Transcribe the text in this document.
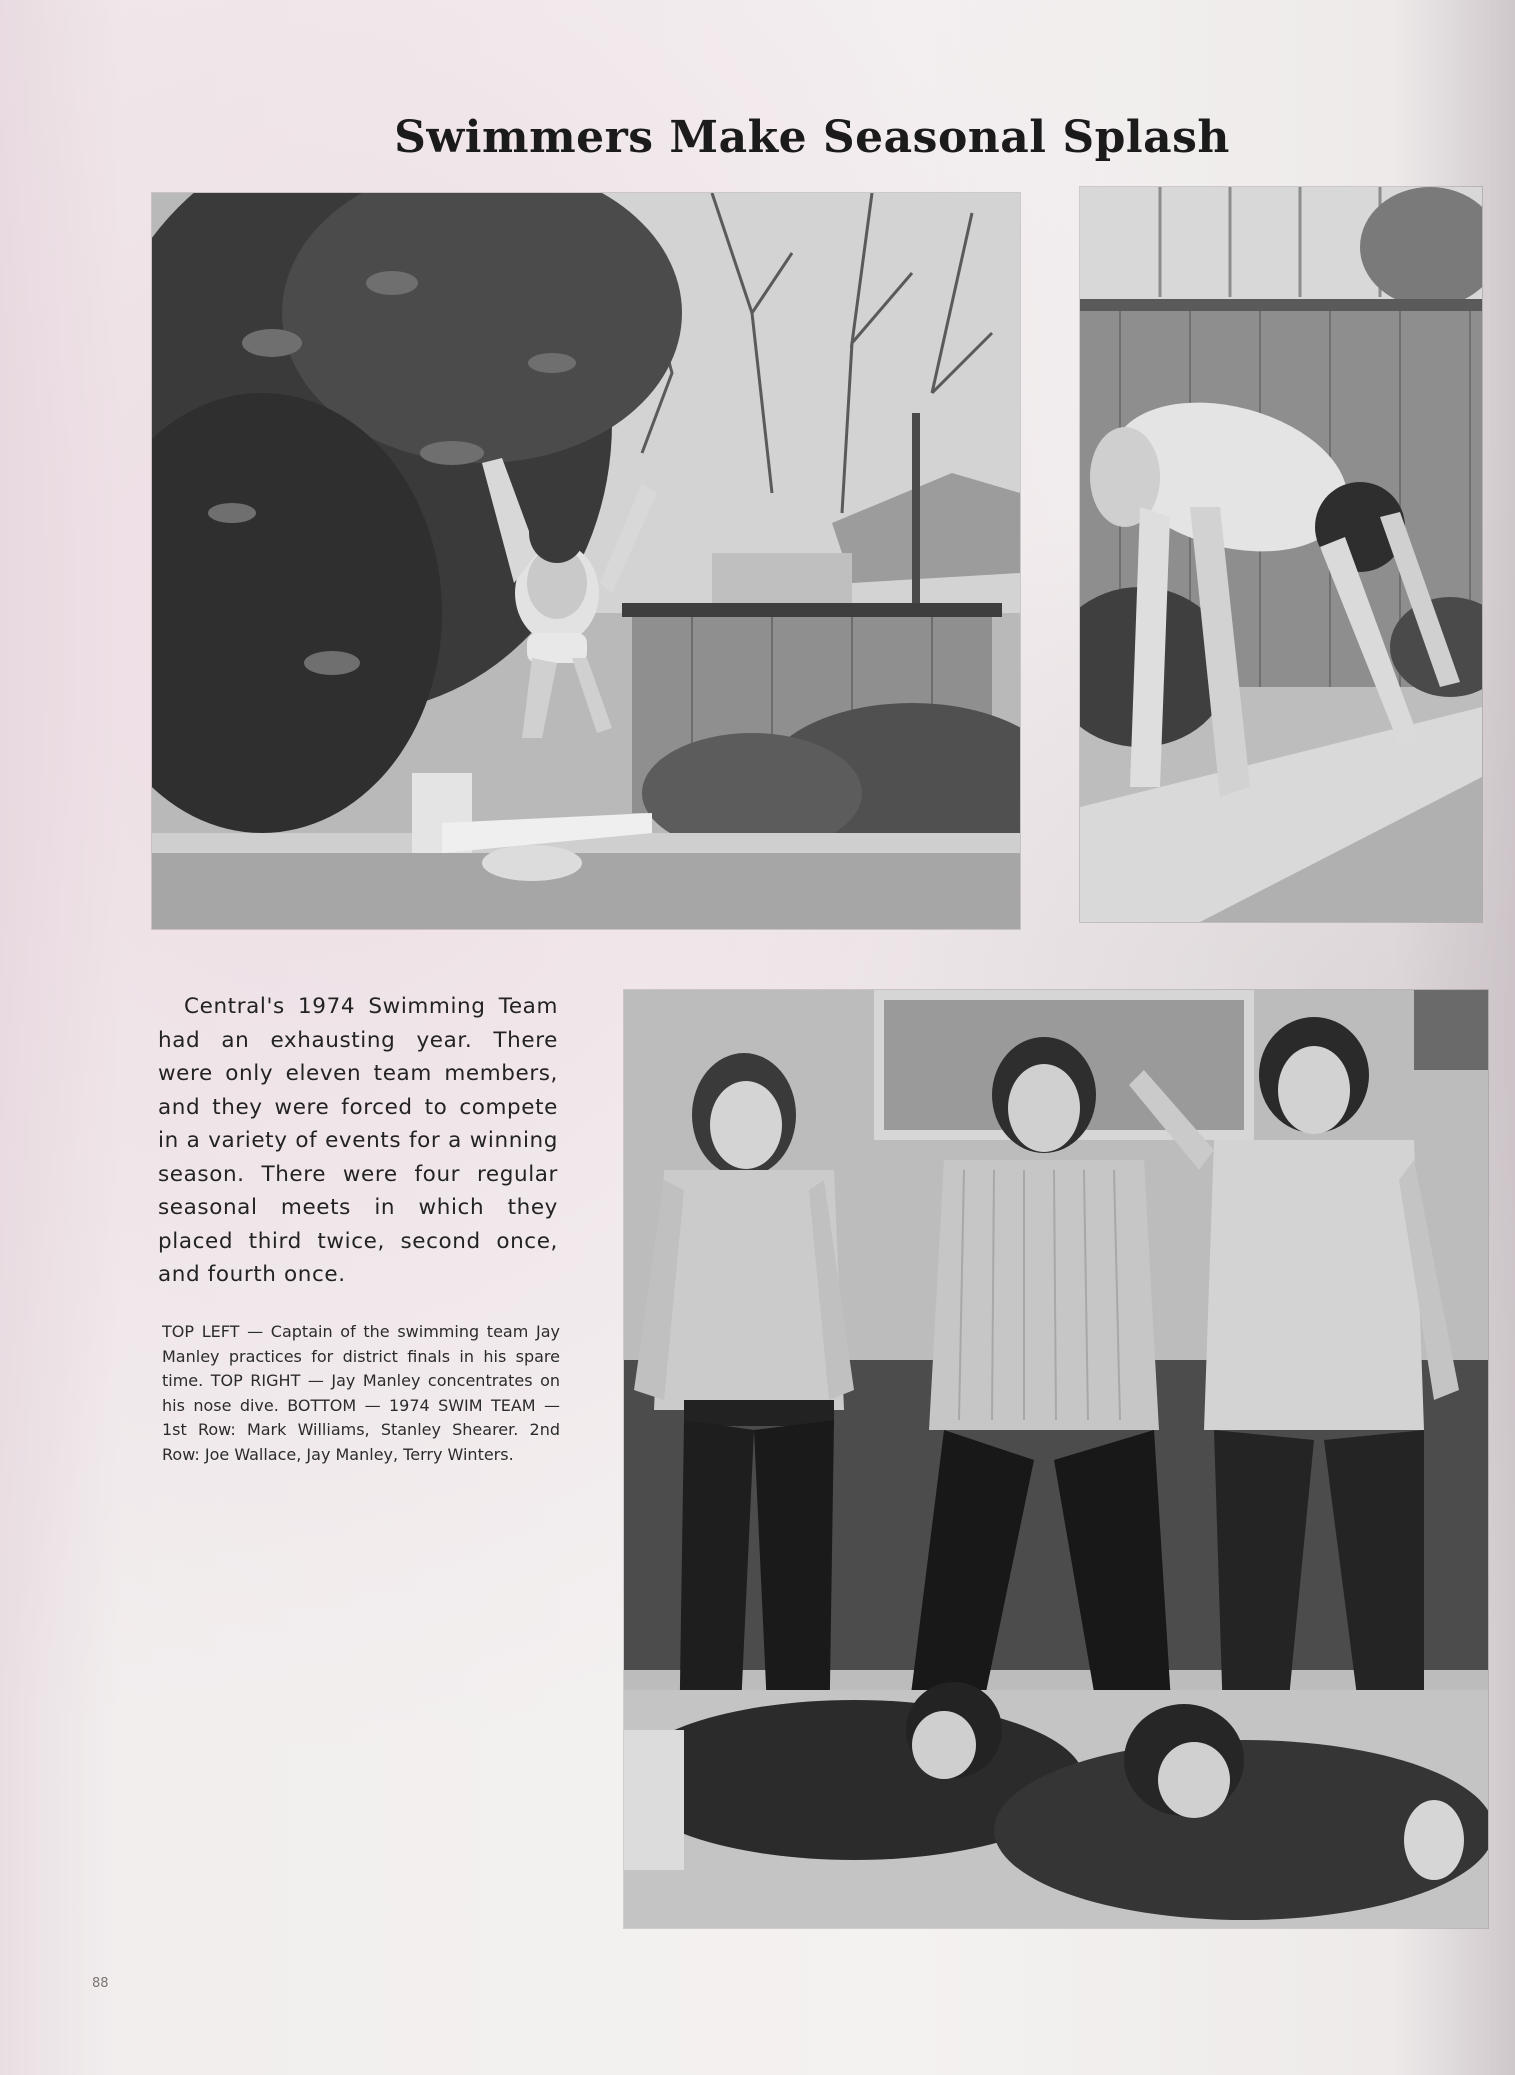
Swimmers Make Seasonal Splash
Central's 1974 Swimming Team had an exhausting year. There were only eleven team members, and they were forced to compete in a variety of events for a winning season. There were four regular seasonal meets in which they placed third twice, second once, and fourth once.
TOP LEFT — Captain of the swimming team Jay Manley practices for district finals in his spare time. TOP RIGHT — Jay Manley concentrates on his nose dive. BOTTOM — 1974 SWIM TEAM — 1st Row: Mark Williams, Stanley Shearer. 2nd Row: Joe Wallace, Jay Manley, Terry Winters.
88
